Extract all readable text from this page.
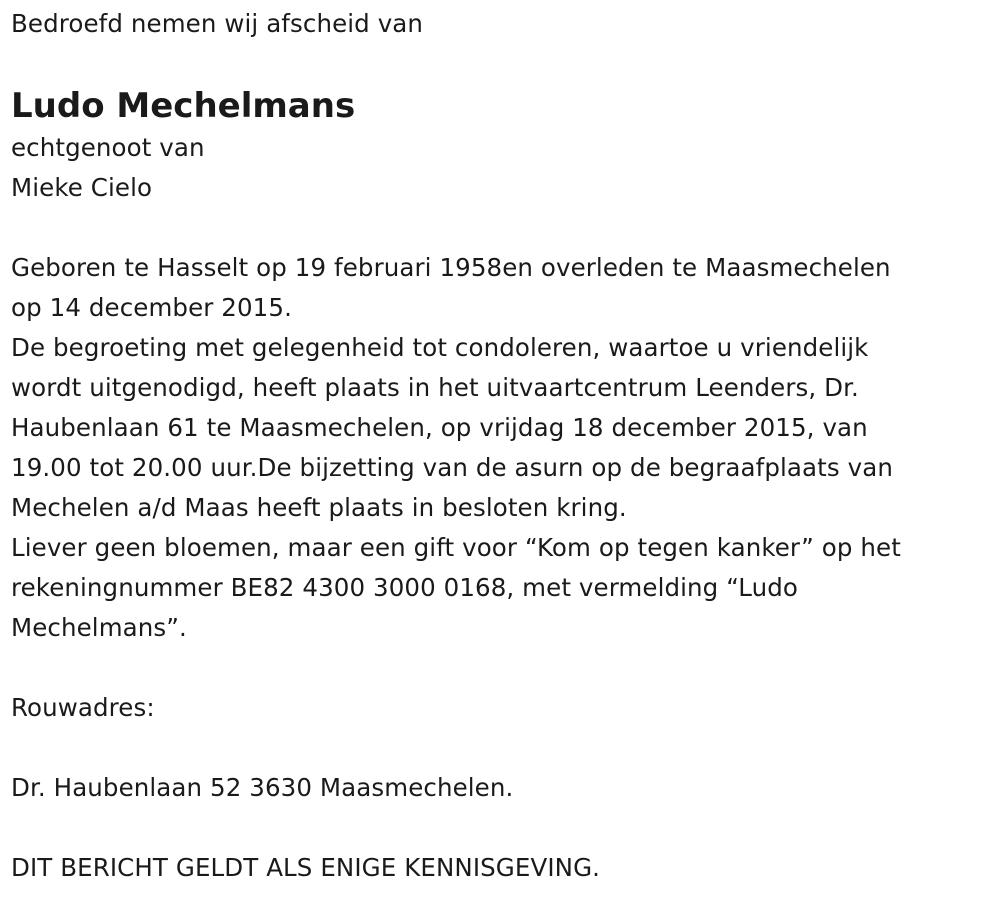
Bedroefd nemen wij afscheid van
Ludo Mechelmans
echtgenoot van
Mieke Cielo
Geboren te Hasselt op 19 februari 1958en overleden te Maasmechelen
op 14 december 2015.
De begroeting met gelegenheid tot condoleren, waartoe u vriendelijk
wordt uitgenodigd, heeft plaats in het uitvaartcentrum Leenders, Dr.
Haubenlaan 61 te Maasmechelen, op vrijdag 18 december 2015, van
19.00 tot 20.00 uur.De bijzetting van de asurn op de begraafplaats van
Mechelen a/d Maas heeft plaats in besloten kring.
Liever geen bloemen, maar een gift voor “Kom op tegen kanker” op het
rekeningnummer BE82 4300 3000 0168, met vermelding “Ludo
Mechelmans”.
Rouwadres:
Dr. Haubenlaan 52 3630 Maasmechelen.
DIT BERICHT GELDT ALS ENIGE KENNISGEVING.
